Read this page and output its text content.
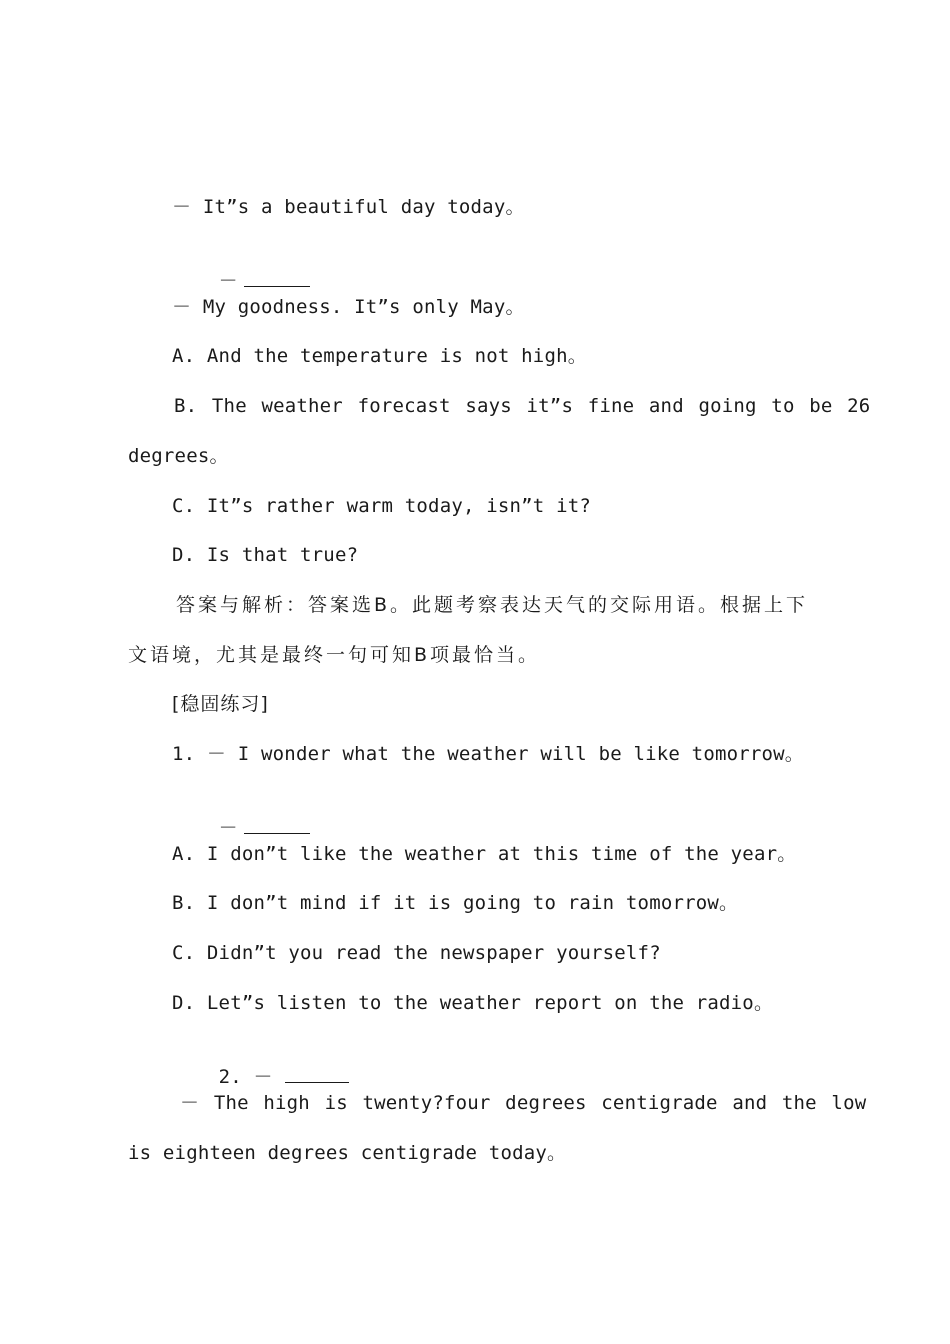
－ It”s a beautiful day today。

－

－ My goodness. It”s only May。
A. And the temperature is not high。
B. The weather forecast says it”s fine and going to be 26
degrees。
C. It”s rather warm today, isn”t it?
D. Is that true?
答案与解析：答案选B。此题考察表达天气的交际用语。根据上下
文语境，尤其是最终一句可知B项最恰当。
[稳固练习]
1. － I wonder what the weather will be like tomorrow。

－

A. I don”t like the weather at this time of the year。
B. I don”t mind if it is going to rain tomorrow。
C. Didn”t you read the newspaper yourself?
D. Let”s listen to the weather report on the radio。

2. －

－ The high is twenty?four degrees centigrade and the low
is eighteen degrees centigrade today。
